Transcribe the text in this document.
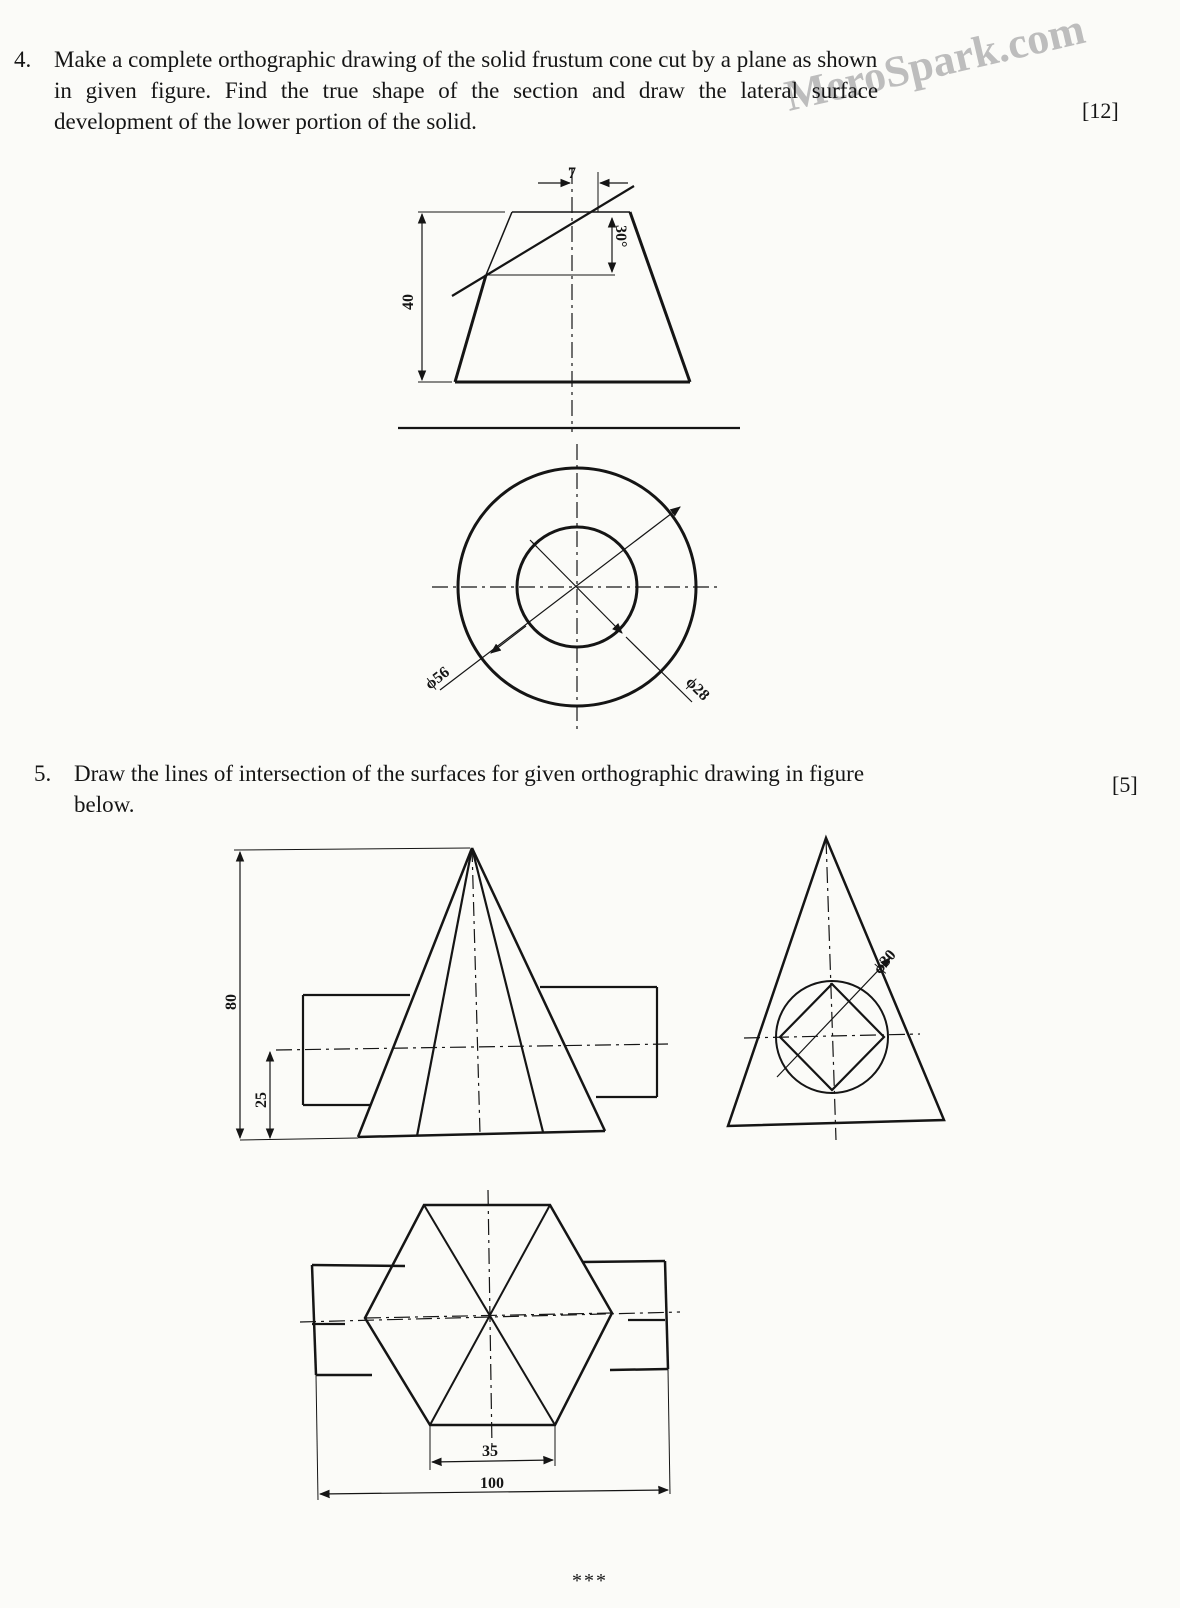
MeroSpark.com
4. Make a complete orthographic drawing of the solid frustum cone cut by a plane as shown
in given figure. Find the true shape of the section and draw the lateral surface
development of the lower portion of the solid.	[12]
5. Draw the lines of intersection of the surfaces for given orthographic drawing in figure
below.
[5]
7
30°
40
ϕ56	ϕ28
80
25
ϕ30
35
100
***
